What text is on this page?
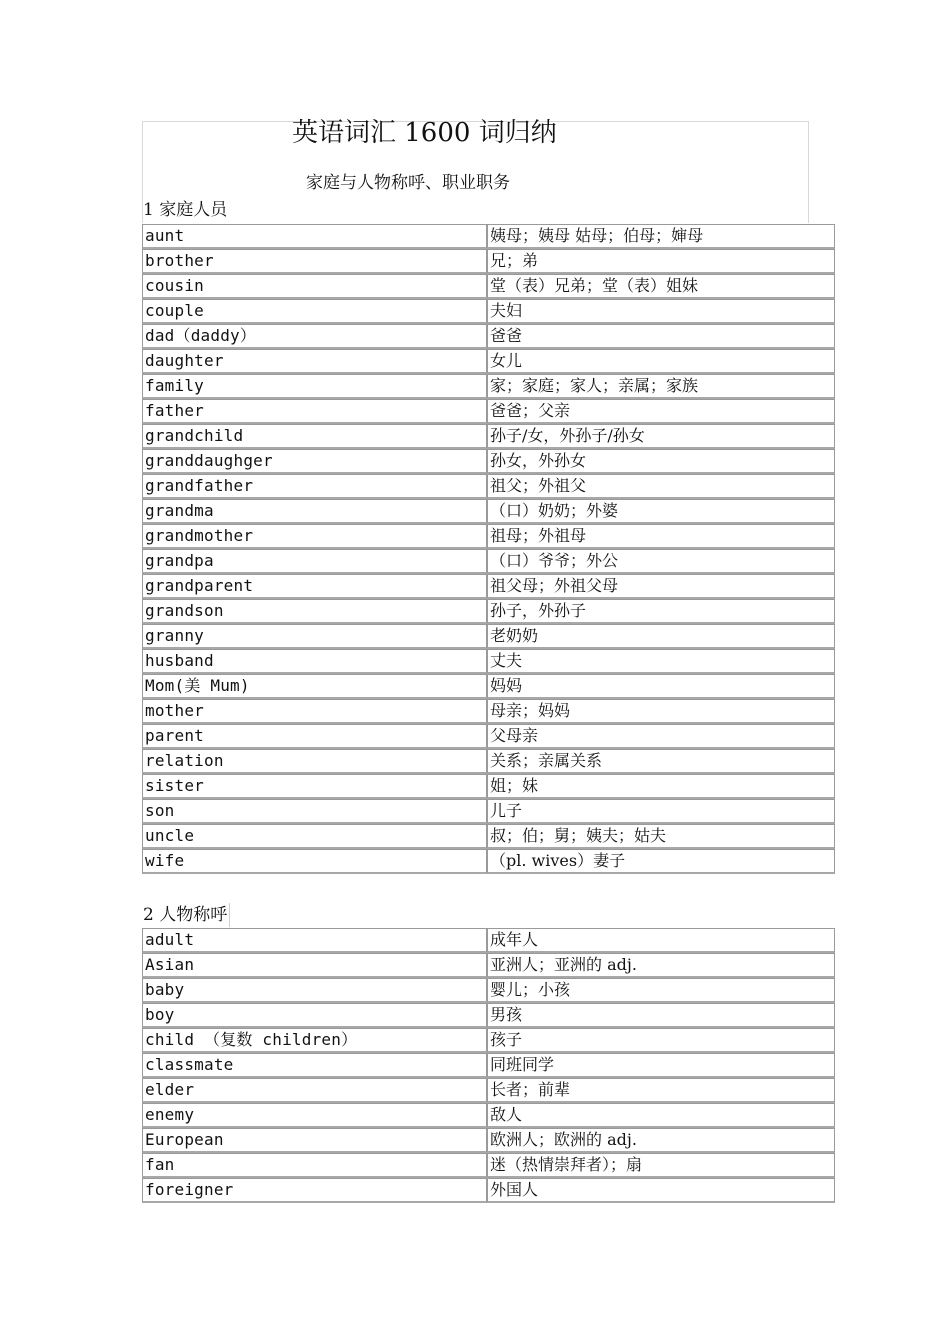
英语词汇 1600 词归纳
家庭与人物称呼、职业职务
1 家庭人员
aunt	姨母；姨母 姑母；伯母；婶母
brother	兄；弟
cousin	堂（表）兄弟；堂（表）姐妹
couple	夫妇
dad（daddy）	爸爸
daughter	女儿
family	家；家庭；家人；亲属；家族
father	爸爸；父亲
grandchild	孙子/女，外孙子/孙女
granddaughger	孙女，外孙女
grandfather	祖父；外祖父
grandma	（口）奶奶；外婆
grandmother	祖母；外祖母
grandpa	（口）爷爷；外公
grandparent	祖父母；外祖父母
grandson	孙子，外孙子
granny	老奶奶
husband	丈夫
Mom(美 Mum)	妈妈
mother	母亲；妈妈
parent	父母亲
relation	关系；亲属关系
sister	姐；妹
son	儿子
uncle	叔；伯；舅；姨夫；姑夫
wife	（pl. wives）妻子
2 人物称呼
adult	成年人
Asian	亚洲人；亚洲的 adj.
baby	婴儿；小孩
boy	男孩
child （复数 children）	孩子
classmate	同班同学
elder	长者；前辈
enemy	敌人
European	欧洲人；欧洲的 adj.
fan	迷（热情崇拜者）；扇
foreigner	外国人
